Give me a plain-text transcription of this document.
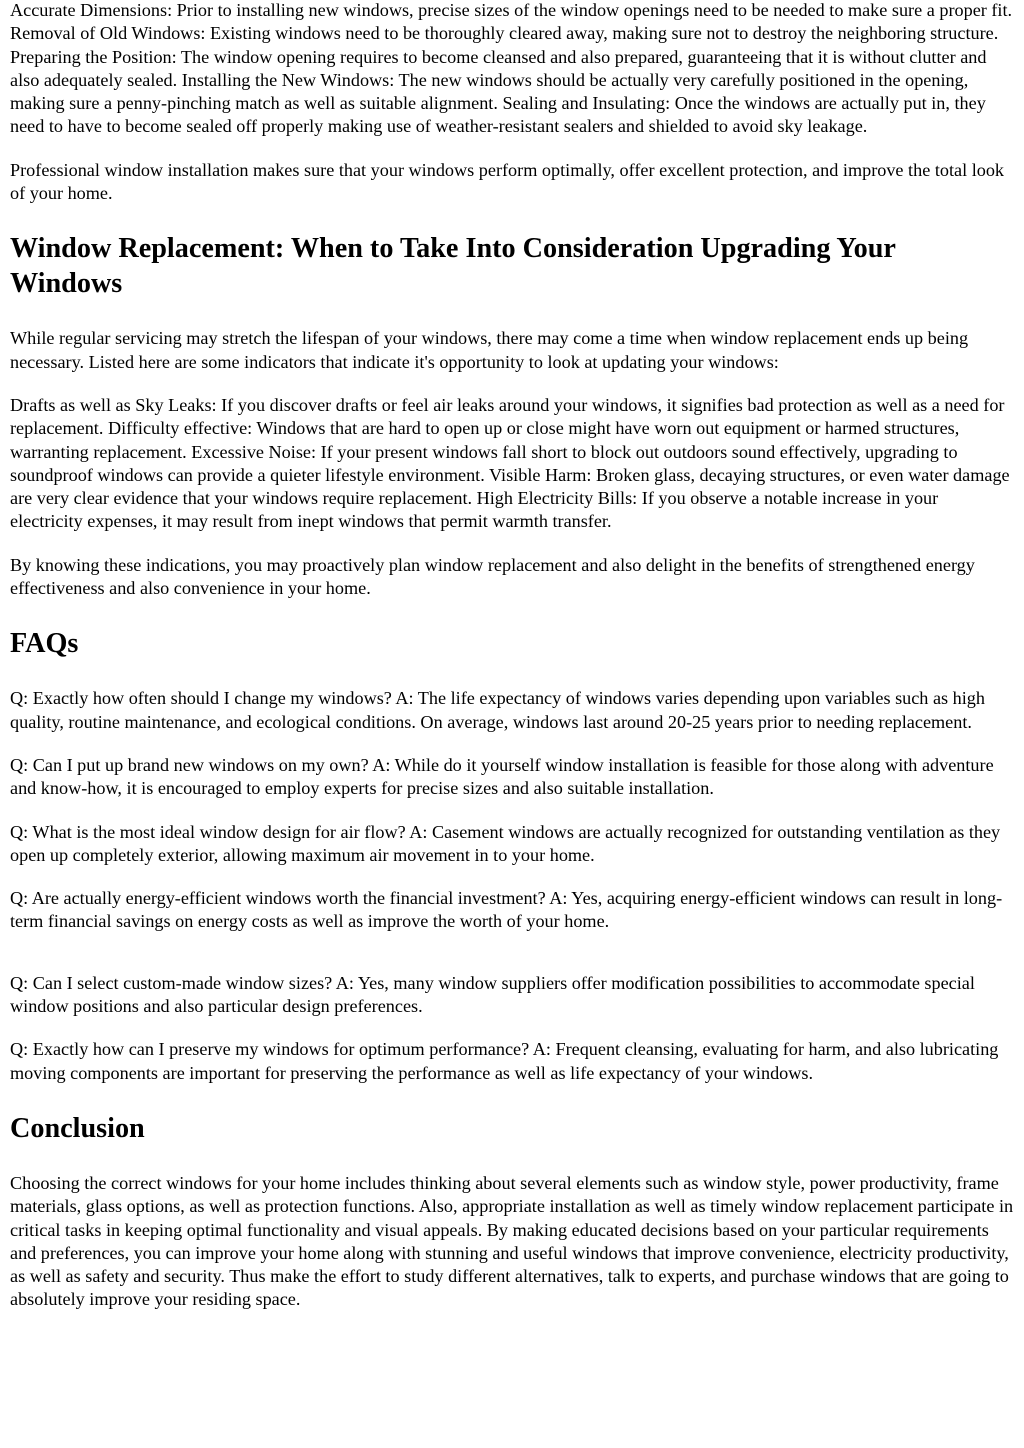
Accurate Dimensions: Prior to installing new windows, precise sizes of the window openings need to be needed to make sure a proper fit. Removal of Old Windows: Existing windows need to be thoroughly cleared away, making sure not to destroy the neighboring structure. Preparing the Position: The window opening requires to become cleansed and also prepared, guaranteeing that it is without clutter and also adequately sealed. Installing the New Windows: The new windows should be actually very carefully positioned in the opening, making sure a penny-pinching match as well as suitable alignment. Sealing and Insulating: Once the windows are actually put in, they need to have to become sealed off properly making use of weather-resistant sealers and shielded to avoid sky leakage.

Professional window installation makes sure that your windows perform optimally, offer excellent protection, and improve the total look of your home.

Window Replacement: When to Take Into Consideration Upgrading Your Windows

While regular servicing may stretch the lifespan of your windows, there may come a time when window replacement ends up being necessary. Listed here are some indicators that indicate it's opportunity to look at updating your windows:

Drafts as well as Sky Leaks: If you discover drafts or feel air leaks around your windows, it signifies bad protection as well as a need for replacement. Difficulty effective: Windows that are hard to open up or close might have worn out equipment or harmed structures, warranting replacement. Excessive Noise: If your present windows fall short to block out outdoors sound effectively, upgrading to soundproof windows can provide a quieter lifestyle environment. Visible Harm: Broken glass, decaying structures, or even water damage are very clear evidence that your windows require replacement. High Electricity Bills: If you observe a notable increase in your electricity expenses, it may result from inept windows that permit warmth transfer.

By knowing these indications, you may proactively plan window replacement and also delight in the benefits of strengthened energy effectiveness and also convenience in your home.

FAQs

Q: Exactly how often should I change my windows? A: The life expectancy of windows varies depending upon variables such as high quality, routine maintenance, and ecological conditions. On average, windows last around 20-25 years prior to needing replacement.

Q: Can I put up brand new windows on my own? A: While do it yourself window installation is feasible for those along with adventure and know-how, it is encouraged to employ experts for precise sizes and also suitable installation.

Q: What is the most ideal window design for air flow? A: Casement windows are actually recognized for outstanding ventilation as they open up completely exterior, allowing maximum air movement in to your home.

Q: Are actually energy-efficient windows worth the financial investment? A: Yes, acquiring energy-efficient windows can result in long-term financial savings on energy costs as well as improve the worth of your home.

Q: Can I select custom-made window sizes? A: Yes, many window suppliers offer modification possibilities to accommodate special window positions and also particular design preferences.

Q: Exactly how can I preserve my windows for optimum performance? A: Frequent cleansing, evaluating for harm, and also lubricating moving components are important for preserving the performance as well as life expectancy of your windows.

Conclusion

Choosing the correct windows for your home includes thinking about several elements such as window style, power productivity, frame materials, glass options, as well as protection functions. Also, appropriate installation as well as timely window replacement participate in critical tasks in keeping optimal functionality and visual appeals. By making educated decisions based on your particular requirements and preferences, you can improve your home along with stunning and useful windows that improve convenience, electricity productivity, as well as safety and security. Thus make the effort to study different alternatives, talk to experts, and purchase windows that are going to absolutely improve your residing space.
